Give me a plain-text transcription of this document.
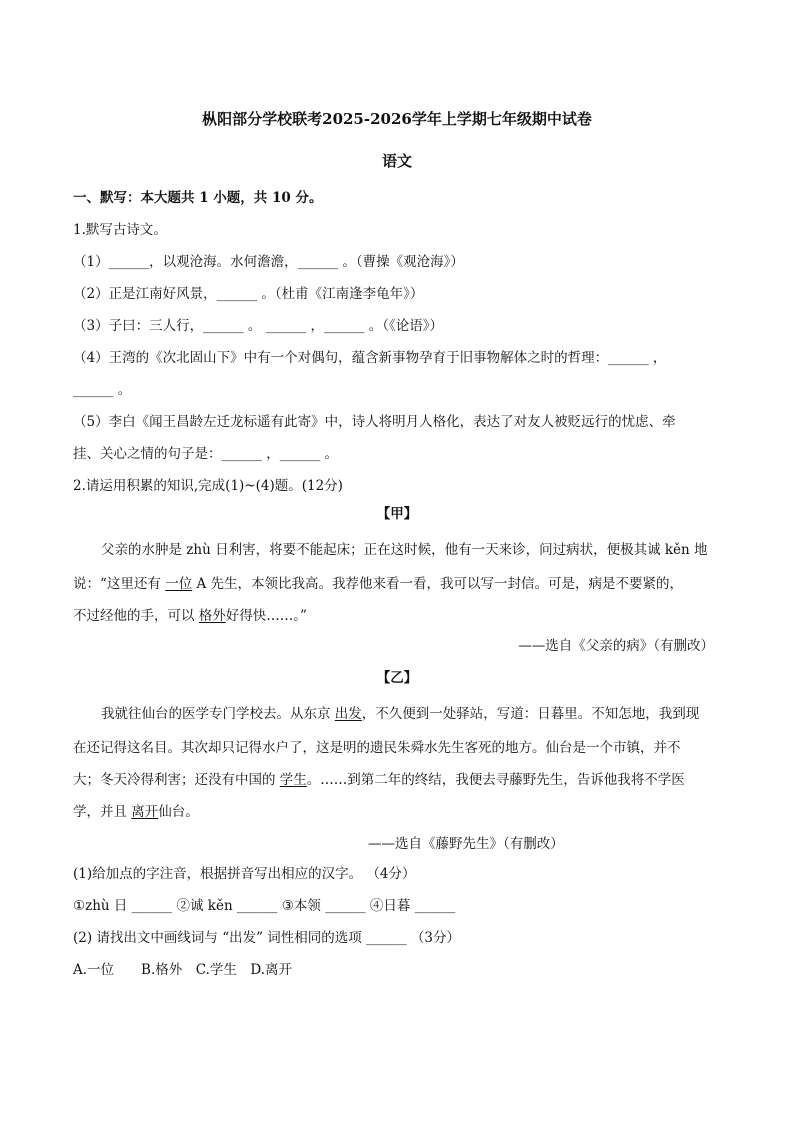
枞阳部分学校联考2025-2026学年上学期七年级期中试卷
语文
一、默写：本大题共 1 小题，共 10 分。
1.默写古诗文。
（1）______，以观沧海。水何澹澹，______ 。（曹操《观沧海》）
（2）正是江南好风景，______ 。（杜甫《江南逢李龟年》）
（3）子曰：三人行，______ 。 ______ ，______ 。（《论语》）
（4）王湾的《次北固山下》中有一个对偶句，蕴含新事物孕育于旧事物解体之时的哲理：______ ，
______ 。
（5）李白《闻王昌龄左迁龙标遥有此寄》中，诗人将明月人格化，表达了对友人被贬远行的忧虑、牵
挂、关心之情的句子是：______ ，______ 。
2.请运用积累的知识,完成(1)~(4)题。(12分)
【甲】
父亲的水肿是 zhù 日利害，将要不能起床；正在这时候，他有一天来诊，问过病状，便极其诚 kěn 地
说：“这里还有 一位 A 先生，本领比我高。我荐他来看一看，我可以写一封信。可是，病是不要紧的，
不过经他的手，可以 格外好得快……。”
——选自《父亲的病》（有删改）
【乙】
我就往仙台的医学专门学校去。从东京 出发，不久便到一处驿站，写道：日暮里。不知怎地，我到现
在还记得这名目。其次却只记得水户了，这是明的遗民朱舜水先生客死的地方。仙台是一个市镇，并不
大；冬天冷得利害；还没有中国的 学生。……到第二年的终结，我便去寻藤野先生，告诉他我将不学医
学，并且 离开仙台。
——选自《藤野先生》（有删改）
(1)给加点的字注音，根据拼音写出相应的汉字。 （4分）
①zhù 日 ______ ②诚 kěn ______ ③本领 ______ ④日暮 ______
(2) 请找出文中画线词与 “出发” 词性相同的选项 ______ （3分）
A.一位　　B.格外　C.学生　D.离开
